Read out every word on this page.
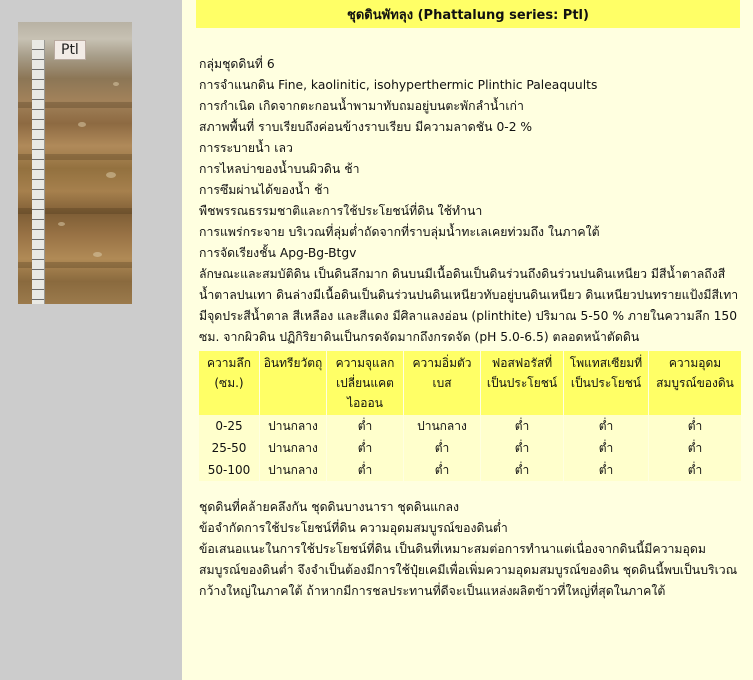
Ptl
ชุดดินพัทลุง (Phattalung series: Ptl)

กลุ่มชุดดินที่ 6

การจำแนกดิน Fine, kaolinitic, isohyperthermic Plinthic Paleaquults

การกำเนิด เกิดจากตะกอนน้ำพามาทับถมอยู่บนตะพักลำน้ำเก่า

สภาพพื้นที่ ราบเรียบถึงค่อนข้างราบเรียบ มีความลาดชัน 0-2 %

การระบายน้ำ เลว

การไหลบ่าของน้ำบนผิวดิน ช้า

การซึมผ่านได้ของน้ำ ช้า

พืชพรรณธรรมชาติและการใช้ประโยชน์ที่ดิน ใช้ทำนา

การแพร่กระจาย บริเวณที่ลุ่มต่ำถัดจากที่ราบลุ่มน้ำทะเลเคยท่วมถึง ในภาคใต้

การจัดเรียงชั้น Apg-Bg-Btgv

ลักษณะและสมบัติดิน เป็นดินลึกมาก ดินบนมีเนื้อดินเป็นดินร่วนถึงดินร่วนปนดินเหนียว มีสีน้ำตาลถึงสีน้ำตาลปนเทา ดินล่างมีเนื้อดินเป็นดินร่วนปนดินเหนียวทับอยู่บนดินเหนียว ดินเหนียวปนทรายแป้งมีสีเทา มีจุดประสีน้ำตาล สีเหลือง และสีแดง มีศิลาแลงอ่อน (plinthite) ปริมาณ 5-50 % ภายในความลึก 150 ซม. จากผิวดิน ปฏิกิริยาดินเป็นกรดจัดมากถึงกรดจัด (pH 5.0-6.5) ตลอดหน้าตัดดิน

ความลึก (ซม.)	อินทรียวัตถุ	ความจุแลกเปลี่ยนแคตไอออน	ความอิ่มตัวเบส	ฟอสฟอรัสที่เป็นประโยชน์	โพแทสเซียมที่เป็นประโยชน์	ความอุดมสมบูรณ์ของดิน
0-25	ปานกลาง	ต่ำ	ปานกลาง	ต่ำ	ต่ำ	ต่ำ
25-50	ปานกลาง	ต่ำ	ต่ำ	ต่ำ	ต่ำ	ต่ำ
50-100	ปานกลาง	ต่ำ	ต่ำ	ต่ำ	ต่ำ	ต่ำ

ชุดดินที่คล้ายคลึงกัน ชุดดินบางนารา ชุดดินแกลง

ข้อจำกัดการใช้ประโยชน์ที่ดิน ความอุดมสมบูรณ์ของดินต่ำ

ข้อเสนอแนะในการใช้ประโยชน์ที่ดิน เป็นดินที่เหมาะสมต่อการทำนาแต่เนื่องจากดินนี้มีความอุดมสมบูรณ์ของดินต่ำ จึงจำเป็นต้องมีการใช้ปุ๋ยเคมีเพื่อเพิ่มความอุดมสมบูรณ์ของดิน ชุดดินนี้พบเป็นบริเวณกว้างใหญ่ในภาคใต้ ถ้าหากมีการชลประทานที่ดีจะเป็นแหล่งผลิตข้าวที่ใหญ่ที่สุดในภาคใต้
